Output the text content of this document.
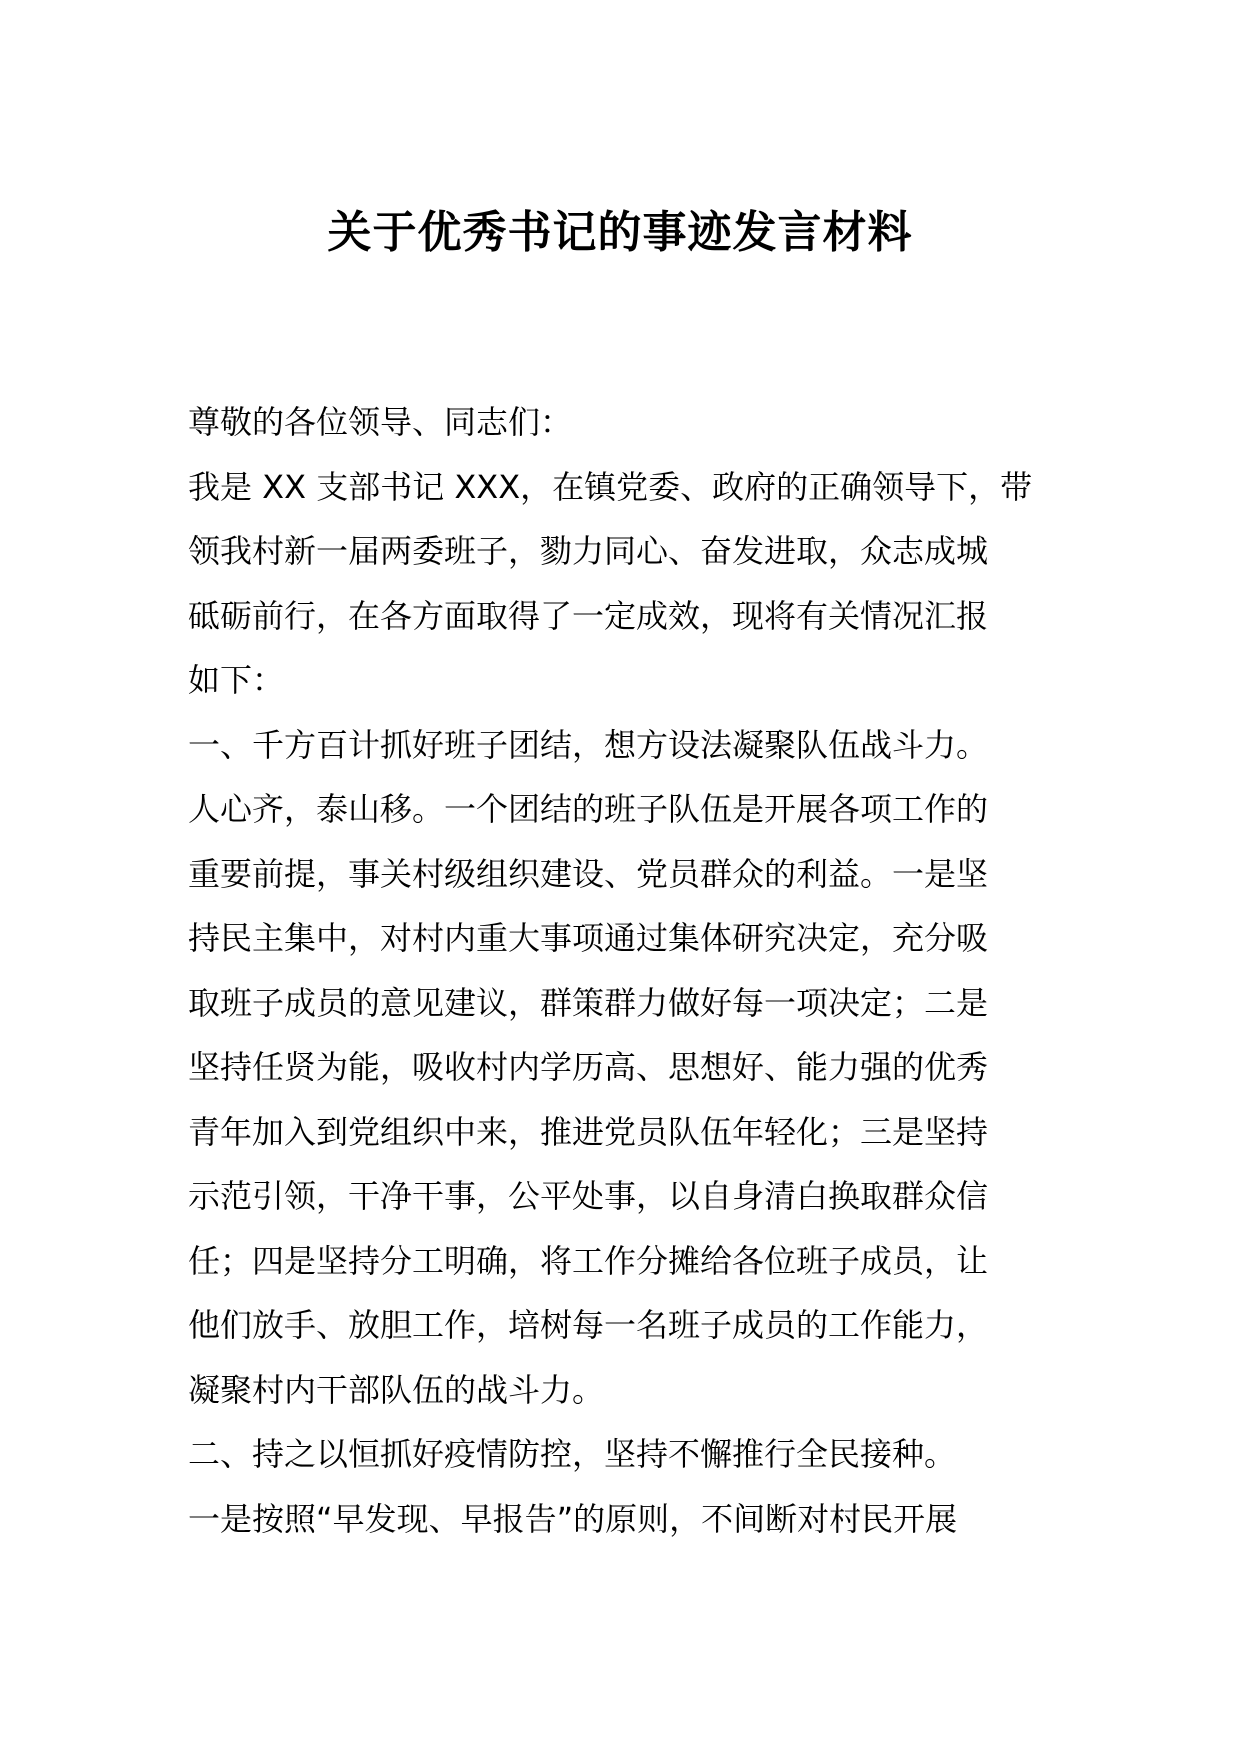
关于优秀书记的事迹发言材料
尊敬的各位领导、同志们：
我是 XX 支部书记 XXX，在镇党委、政府的正确领导下，带
领我村新一届两委班子，勠力同心、奋发进取，众志成城
砥砺前行，在各方面取得了一定成效，现将有关情况汇报
如下：
一、千方百计抓好班子团结，想方设法凝聚队伍战斗力。
人心齐，泰山移。一个团结的班子队伍是开展各项工作的
重要前提，事关村级组织建设、党员群众的利益。一是坚
持民主集中，对村内重大事项通过集体研究决定，充分吸
取班子成员的意见建议，群策群力做好每一项决定；二是
坚持任贤为能，吸收村内学历高、思想好、能力强的优秀
青年加入到党组织中来，推进党员队伍年轻化；三是坚持
示范引领，干净干事，公平处事，以自身清白换取群众信
任；四是坚持分工明确，将工作分摊给各位班子成员，让
他们放手、放胆工作，培树每一名班子成员的工作能力，
凝聚村内干部队伍的战斗力。
二、持之以恒抓好疫情防控，坚持不懈推行全民接种。
一是按照“早发现、早报告”的原则，不间断对村民开展
